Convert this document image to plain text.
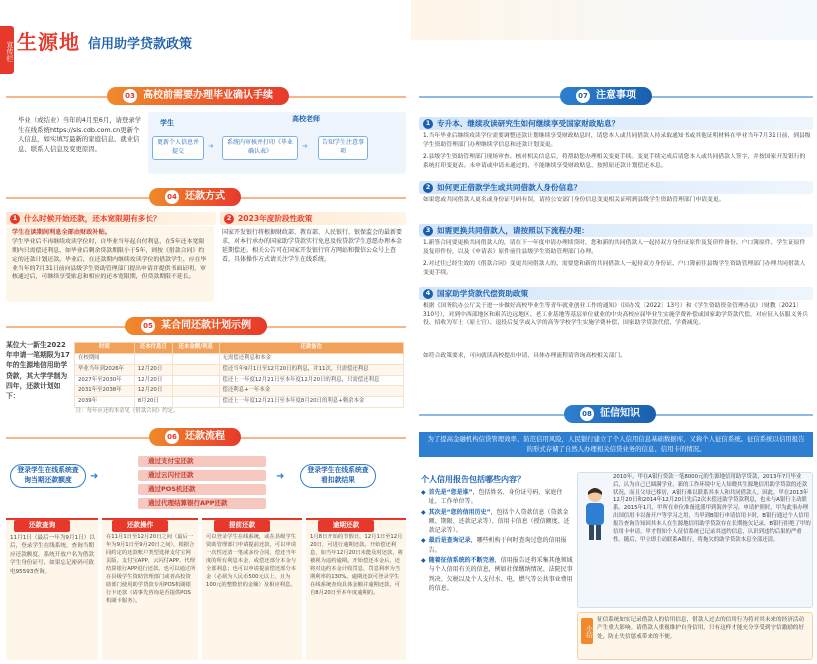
宣传栏 生源地 信用助学贷款政策
03 高校前需要办理毕业确认手续
毕业（或结业）当年的4月至6月，请登录学生在线系统https://sls.cdb.com.cn更新个人信息，如实填写最新的家庭信息、就业信息、联系人信息及变更原因。
学生	高校老师
更新个人信息并提交
➜	系统内审核并打印《毕业确认表》
➜	告知学生注意事项
04 还款方式
1 什么时候开始还款，还本宽限期有多长？
学生在读期间利息全部由财政补贴。
学生毕业后不再继续攻读学位时，自毕业当年起自付利息，在5年还本宽限期内只需偿还利息，如毕业后剩余贷款期限小于5年，则按《借款合同》约定的还款计划还款。毕业后，在还款期内继续攻读学位的借款学生，应在毕业当年的7月31日前向县级学生资助管理部门提出申请并提供书面证明，审核通过后，可继续享受贴息和相应的还本宽限期，但贷款期限不延长。
2 2023年度阶段性政策
国家开发银行将根据财政部、教育部、人民银行、银保监会的最新要求，对本行承办的国家助学贷款实行免息及按贷款学生意愿办理本金延期偿还。相关公告可在国家开发银行官方网站和微信公众号上查看，具体操作方式请关注学生在线系统。
05 某合同还款计划示例
某位大一新生2022年申请一笔期限为17年的生源地信用助学贷款，其大学学制为四年，还款计划如下：
时间	还本付息日	还本金额/利息	还款备注
在校期间			无需偿还利息和本金
毕业当年到2026年	12月20日		偿还当年9月1日至12月20日的利息，并11次，只需偿还利息
2027年至2030年	12月20日		偿还上一年度12月21日至本年度12月20日的利息，只需偿还利息
2031年至2038年	12月20日		偿还利息+一年本金
2039年	8月20日		偿还上一年度12月21日至本年度8月20日的利息+剩余本金
注：每年应还的本金见《借款合同》约定。
06 还款流程
登录学生在线系统查询当期还款额度
登录学生在线系统查看扣款结果
通过支付宝还款
通过云闪付还款
通过POS机还款
通过代理结算银行APP还款
➜	➜
还款查询
11月1日（最后一年为9月1日）以后，登录学生在线系统，查询当期应还款额度，系统开放户名为借款学生身份证号，如果忘记密码可致电95593查询。
还款操作
在11月1日至12月20日之间（最后一年为9月1日至9月20日之间），根据合同约定的还款账户类型选择支付宝网页版、支付宝APP、云闪付APP、代理结算银行APP进行还款，也可以通过所在县级学生资助管理部门或者高校资助部门使用助学贷款专用POS机刷银行卡还款（请事先咨询是否提供POS机刷卡服务）。
提前还款
可以登录学生在线系统，或在县级学生资助管理部门申请提前还款，可以申请一次性还清一笔或多份合同，偿还当年度的所有利息本金，或偿还部分本金与全部利息；也可以申请提前偿还部分本金（必须为人民币500元以上，且为100元的整数倍的金额）及相应利息。
逾期还款
1月8日开始的节假日，12月1日至12月20日，可进行逾期还款。开始偿还利息，如当年12月20日未能及时还款，将被视为违约逾期。开始偿还本金后，还将对违约本金计收罚息，罚息利率为当期利率的130%。逾期还款可登录学生在线系统查询具体金额并逾期还款，可自8月20日至本年度逾期的。
07 注意事项
1 专升本、继续攻读研究生如何继续享受国家财政贴息？
1.当年毕业后继续攻读学位需要调整还款计划继续享受财政贴息时，请您本人或共同借款人持录取通知书或其他证明材料在毕业当年7月31日前，到县级学生资助管理部门办理继续学信息和还款计划变更。
2.县级学生资助管理部门现场审查、核对相关信息后，将帮助您办理相关变更手续。变更手续完成后请您本人或共同借款人签字，并按国家开发银行的系统打印变更表。未申请或申请未通过的，不能继续享受财政贴息，按照原还款计划偿还本息。
2 如何更正借款学生或共同借款人身份信息？
如果您或共同借款人更名或身份证号码有误，请持公安部门身份信息变更相关证明到县级学生资助管理部门申请变更。
3 如需更换共同借款人，请按照以下流程办理：
1.新签合同要更换共同借款人的，请在下一年度申请办理续贷时，您和新的共同借款人一起持双方身份证原件及复印件备份、户口簿原件、学生证原件及复印件份，以及《申请表》原件前往县级学生资助管理部门办理。
2.对过往已经生效的《借款合同》变更共同借款人的，需要您和新的共同借款人一起持双方身份证、户口簿前往县级学生资助管理部门办理共同借款人变更手续。
4 国家助学贷款代偿资助政策
根据《国务院办公厅关于进一步做好高校毕业生等青年就业创业工作的通知》（国办发〔2022〕13号）和《学生资助资金管理办法》（财教〔2021〕310号），对到中西部地区和艰苦边远地区、老工业基地等基层单位就业的中央高校应届毕业生实施学费补偿或国家助学贷款代偿，对应征入伍服义务兵役、招收为军士（原士官）、退役后复学或入学的高等学校学生实施学费补偿、国家助学贷款代偿、学费减免。
如符合政策要求，可向就读高校提出申请，具体办理流程请咨询高校相关部门。
08 征信知识
为了提高金融机构信贷管理效率、防范信用风险，人民银行建立了个人信用信息基础数据库，又称个人征信系统。征信系统以信用报告的形式存储了自然人办理相关信贷业务的信息、信用卡的情况。
个人信用报告包括哪些内容？
◆ 首先是“您是谁”，包括姓名、身份证号码、家庭住址、工作单位等。
◆ 其次是“您的信用历史”，包括个人贷款信息（贷款金额、期限、还款记录等）、信用卡信息（授信额度、还款记录等）。
◆ 最后是查询记录，哪些机构于何时查询过您的信用报告。
◆ 随着征信系统的不断完善，信用报告还将采集其他领域与个人信用有关的信息，例如社保缴纳情况、法院民事判决、欠税以及个人支付水、电、燃气等公共事业费用的信息。
2010年，甲在A银行贷款一笔8000元的生源地信用助学贷款，2013年7月毕业后，认为自己已圆满学业，新的工作环境中无人知晓其生源地信用助学贷款的还款状况，而且父母已移居，A银行难以联系其本人和共同借款人。因此，甲在2013年12月20日和2014年12月20日先后2次未偿还助学贷款利息，也未与A银行主动联系。2015年1月，甲所在单位准备选派甲到海外学习，申请护照时，甲为此事办理出国信用卡以备开户等学习之用，当甲到B银行申请信用卡时，B银行通过个人信用报告查询告知因其本人在生源地信用助学贷款存在长期拖欠记录，B银行拒绝了甲的信用卡申请。甲才得知个人征信系统已记录其违约信息，认识到违约后果的严重性。随后，甲立即主动联系A银行，将拖欠的助学贷款本息全部还清。
小结
征信系统如实记录借款人的信用信息，借款人过去的信用行为将对其未来的经济活动产生重大影响。请借款人重视维护自身信用，只有这样才能充分享受到守信激励的好处，防止失信惩戒带来的不便。
